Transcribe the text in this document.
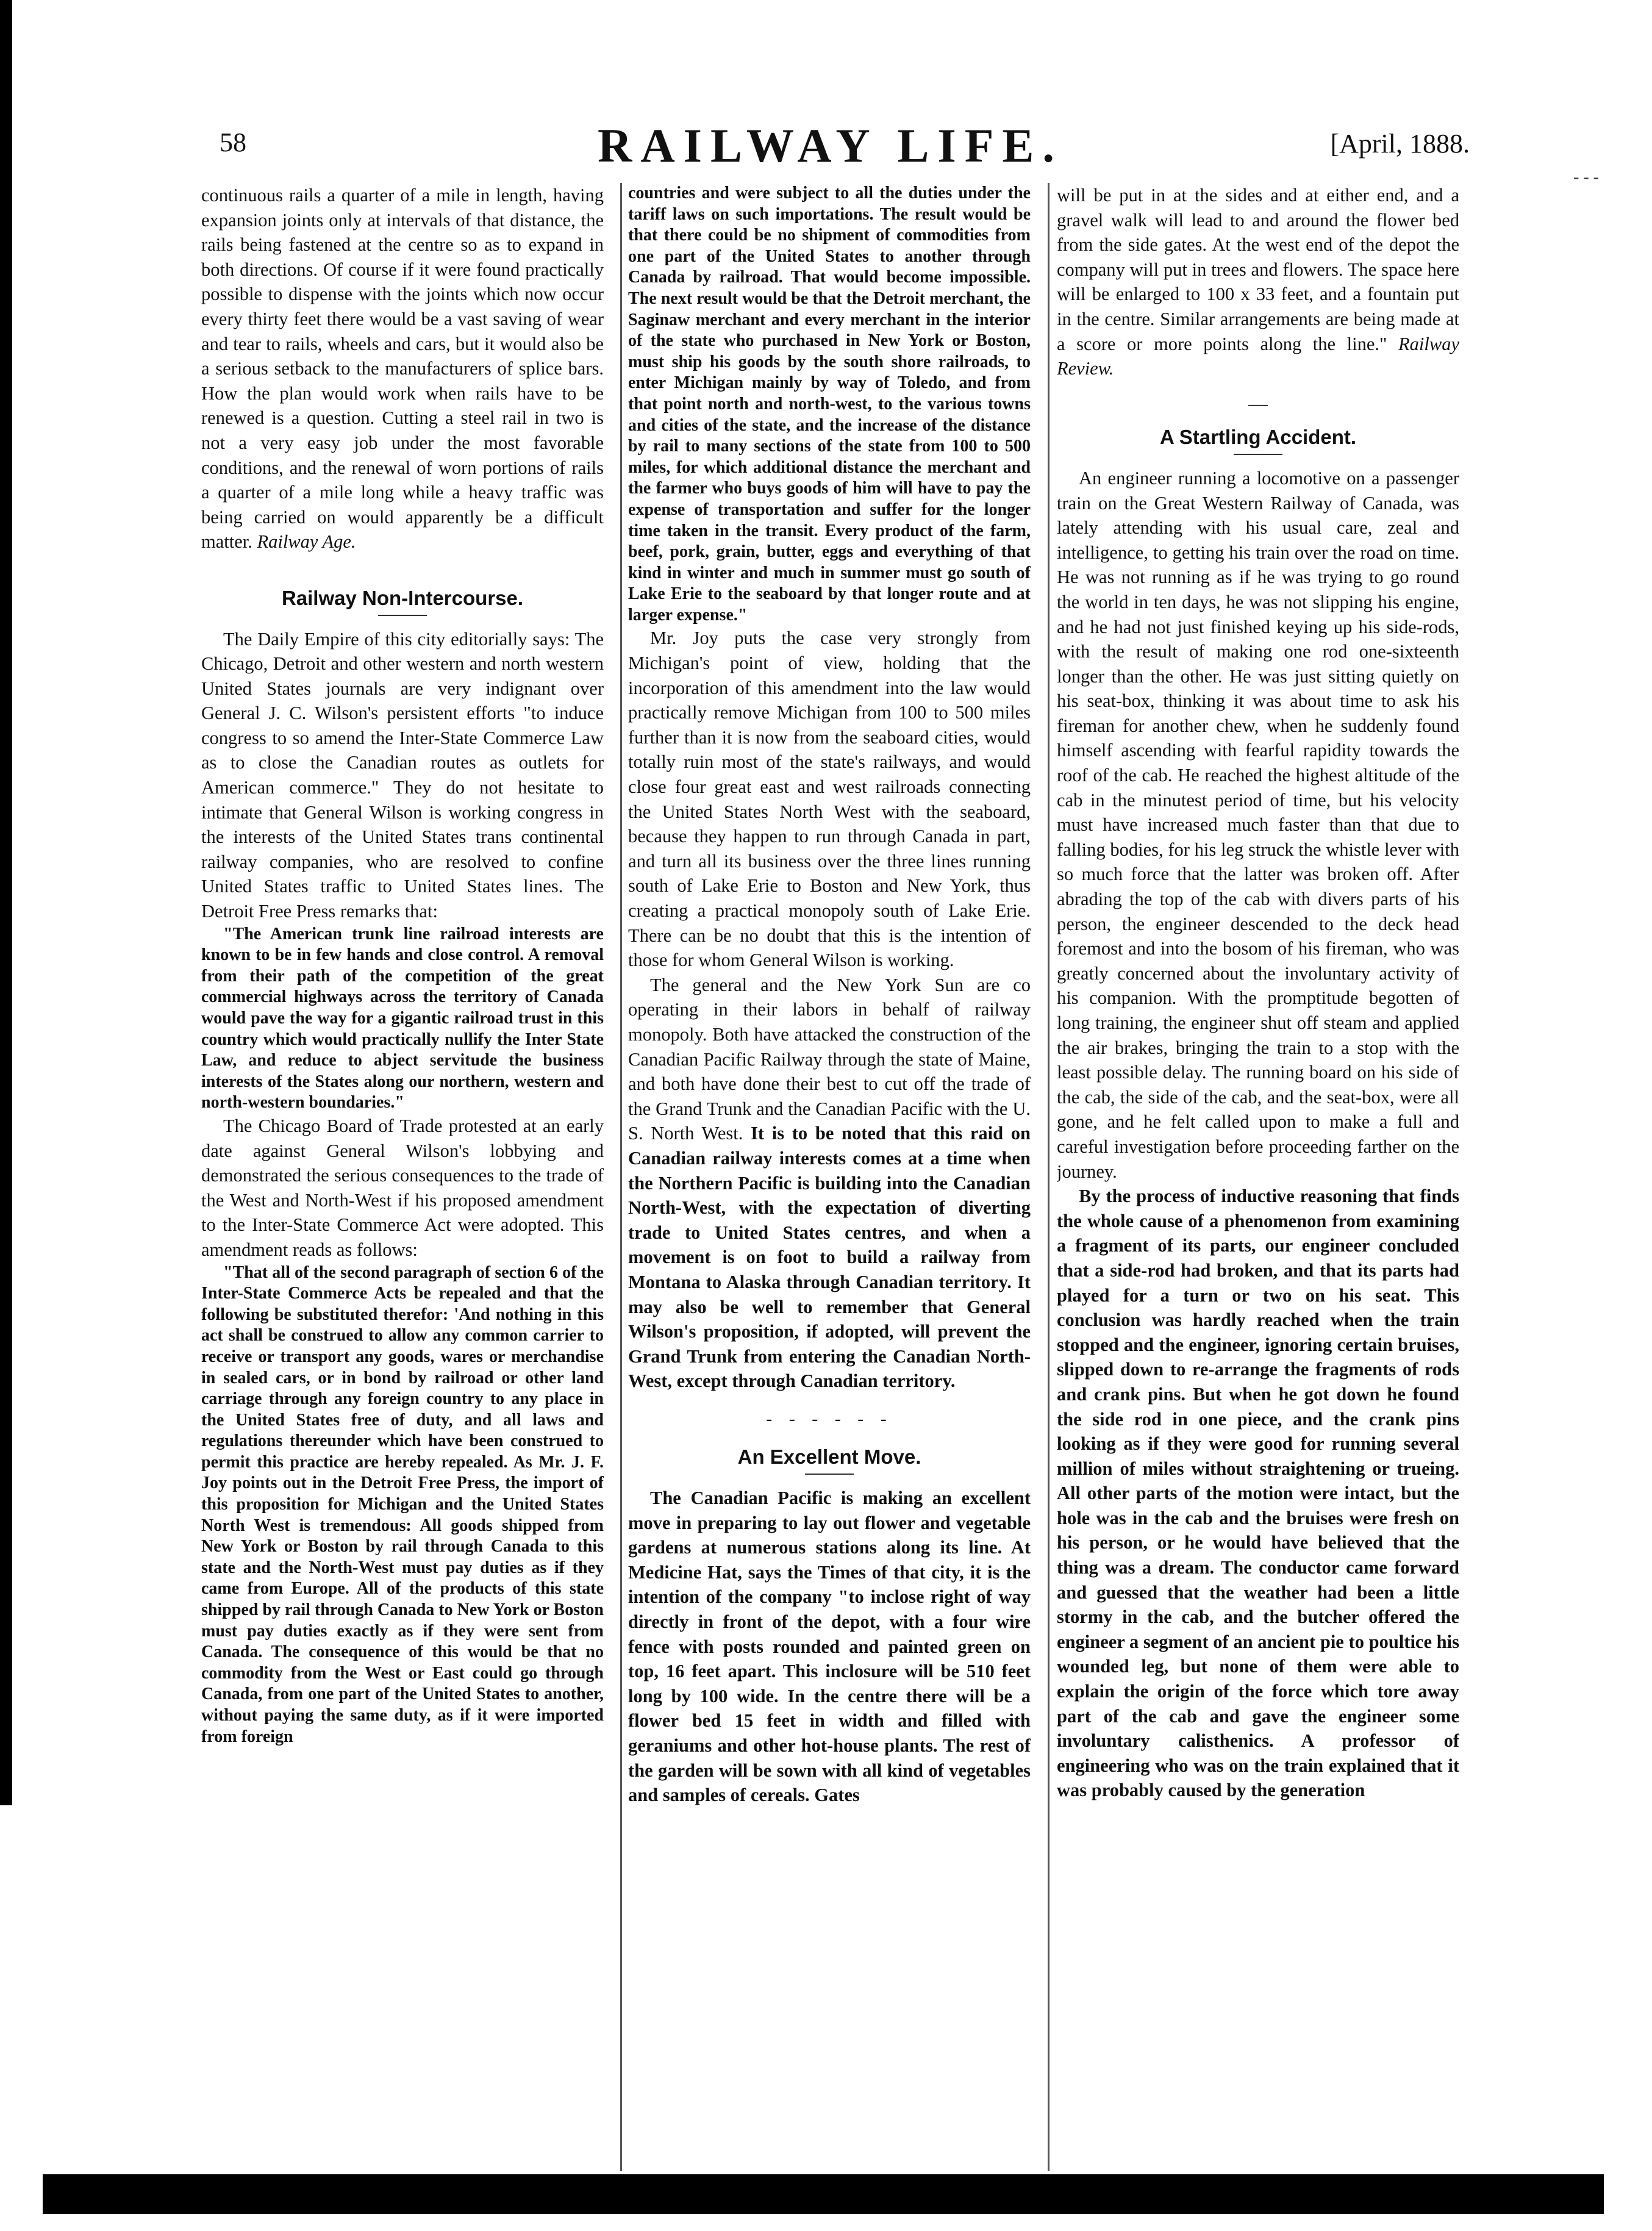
- - -
58	RAILWAY LIFE.	[April, 1888.

continuous rails a quarter of a mile in length, having expansion joints only at intervals of that distance, the rails being fastened at the centre so as to expand in both directions. Of course if it were found practically possible to dispense with the joints which now occur every thirty feet there would be a vast saving of wear and tear to rails, wheels and cars, but it would also be a serious setback to the manufacturers of splice bars. How the plan would work when rails have to be renewed is a question. Cutting a steel rail in two is not a very easy job under the most favorable conditions, and the renewal of worn portions of rails a quarter of a mile long while a heavy traffic was being carried on would apparently be a difficult matter. Railway Age.

Railway Non-Intercourse.

The Daily Empire of this city editorially says: The Chicago, Detroit and other western and north western United States journals are very indignant over General J. C. Wilson's persistent efforts "to induce congress to so amend the Inter-State Commerce Law as to close the Canadian routes as outlets for American commerce." They do not hesitate to intimate that General Wilson is working congress in the interests of the United States trans continental railway companies, who are resolved to confine United States traffic to United States lines. The Detroit Free Press remarks that:

"The American trunk line railroad interests are known to be in few hands and close control. A removal from their path of the competition of the great commercial highways across the territory of Canada would pave the way for a gigantic railroad trust in this country which would practically nullify the Inter State Law, and reduce to abject servitude the business interests of the States along our northern, western and north-western boundaries."

The Chicago Board of Trade protested at an early date against General Wilson's lobbying and demonstrated the serious consequences to the trade of the West and North-West if his proposed amendment to the Inter-State Commerce Act were adopted. This amendment reads as follows:

"That all of the second paragraph of section 6 of the Inter-State Commerce Acts be repealed and that the following be substituted therefor: 'And nothing in this act shall be construed to allow any common carrier to receive or transport any goods, wares or merchandise in sealed cars, or in bond by railroad or other land carriage through any foreign country to any place in the United States free of duty, and all laws and regulations thereunder which have been construed to permit this practice are hereby repealed. As Mr. J. F. Joy points out in the Detroit Free Press, the import of this proposition for Michigan and the United States North West is tremendous: All goods shipped from New York or Boston by rail through Canada to this state and the North-West must pay duties as if they came from Europe. All of the products of this state shipped by rail through Canada to New York or Boston must pay duties exactly as if they were sent from Canada. The consequence of this would be that no commodity from the West or East could go through Canada, from one part of the United States to another, without paying the same duty, as if it were imported from foreign

countries and were subject to all the duties under the tariff laws on such importations. The result would be that there could be no shipment of commodities from one part of the United States to another through Canada by railroad. That would become impossible. The next result would be that the Detroit merchant, the Saginaw merchant and every merchant in the interior of the state who purchased in New York or Boston, must ship his goods by the south shore railroads, to enter Michigan mainly by way of Toledo, and from that point north and north-west, to the various towns and cities of the state, and the increase of the distance by rail to many sections of the state from 100 to 500 miles, for which additional distance the merchant and the farmer who buys goods of him will have to pay the expense of transportation and suffer for the longer time taken in the transit. Every product of the farm, beef, pork, grain, butter, eggs and everything of that kind in winter and much in summer must go south of Lake Erie to the seaboard by that longer route and at larger expense."

Mr. Joy puts the case very strongly from Michigan's point of view, holding that the incorporation of this amendment into the law would practically remove Michigan from 100 to 500 miles further than it is now from the seaboard cities, would totally ruin most of the state's railways, and would close four great east and west railroads connecting the United States North West with the seaboard, because they happen to run through Canada in part, and turn all its business over the three lines running south of Lake Erie to Boston and New York, thus creating a practical monopoly south of Lake Erie. There can be no doubt that this is the intention of those for whom General Wilson is working.

The general and the New York Sun are co operating in their labors in behalf of railway monopoly. Both have attacked the construction of the Canadian Pacific Railway through the state of Maine, and both have done their best to cut off the trade of the Grand Trunk and the Canadian Pacific with the U. S. North West. It is to be noted that this raid on Canadian railway interests comes at a time when the Northern Pacific is building into the Canadian North-West, with the expectation of diverting trade to United States centres, and when a movement is on foot to build a railway from Montana to Alaska through Canadian territory. It may also be well to remember that General Wilson's proposition, if adopted, will prevent the Grand Trunk from entering the Canadian North-West, except through Canadian territory.

- - - - - -
An Excellent Move.

The Canadian Pacific is making an excellent move in preparing to lay out flower and vegetable gardens at numerous stations along its line. At Medicine Hat, says the Times of that city, it is the intention of the company "to inclose right of way directly in front of the depot, with a four wire fence with posts rounded and painted green on top, 16 feet apart. This inclosure will be 510 feet long by 100 wide. In the centre there will be a flower bed 15 feet in width and filled with geraniums and other hot-house plants. The rest of the garden will be sown with all kind of vegetables and samples of cereals. Gates

will be put in at the sides and at either end, and a gravel walk will lead to and around the flower bed from the side gates. At the west end of the depot the company will put in trees and flowers. The space here will be enlarged to 100 x 33 feet, and a fountain put in the centre. Similar arrangements are being made at a score or more points along the line." Railway Review.

—
A Startling Accident.

An engineer running a locomotive on a passenger train on the Great Western Railway of Canada, was lately attending with his usual care, zeal and intelligence, to getting his train over the road on time. He was not running as if he was trying to go round the world in ten days, he was not slipping his engine, and he had not just finished keying up his side-rods, with the result of making one rod one-sixteenth longer than the other. He was just sitting quietly on his seat-box, thinking it was about time to ask his fireman for another chew, when he suddenly found himself ascending with fearful rapidity towards the roof of the cab. He reached the highest altitude of the cab in the minutest period of time, but his velocity must have increased much faster than that due to falling bodies, for his leg struck the whistle lever with so much force that the latter was broken off. After abrading the top of the cab with divers parts of his person, the engineer descended to the deck head foremost and into the bosom of his fireman, who was greatly concerned about the involuntary activity of his companion. With the promptitude begotten of long training, the engineer shut off steam and applied the air brakes, bringing the train to a stop with the least possible delay. The running board on his side of the cab, the side of the cab, and the seat-box, were all gone, and he felt called upon to make a full and careful investigation before proceeding farther on the journey.

By the process of inductive reasoning that finds the whole cause of a phenomenon from examining a fragment of its parts, our engineer concluded that a side-rod had broken, and that its parts had played for a turn or two on his seat. This conclusion was hardly reached when the train stopped and the engineer, ignoring certain bruises, slipped down to re-arrange the fragments of rods and crank pins. But when he got down he found the side rod in one piece, and the crank pins looking as if they were good for running several million of miles without straightening or trueing. All other parts of the motion were intact, but the hole was in the cab and the bruises were fresh on his person, or he would have believed that the thing was a dream. The conductor came forward and guessed that the weather had been a little stormy in the cab, and the butcher offered the engineer a segment of an ancient pie to poultice his wounded leg, but none of them were able to explain the origin of the force which tore away part of the cab and gave the engineer some involuntary calisthenics. A professor of engineering who was on the train explained that it was probably caused by the generation
